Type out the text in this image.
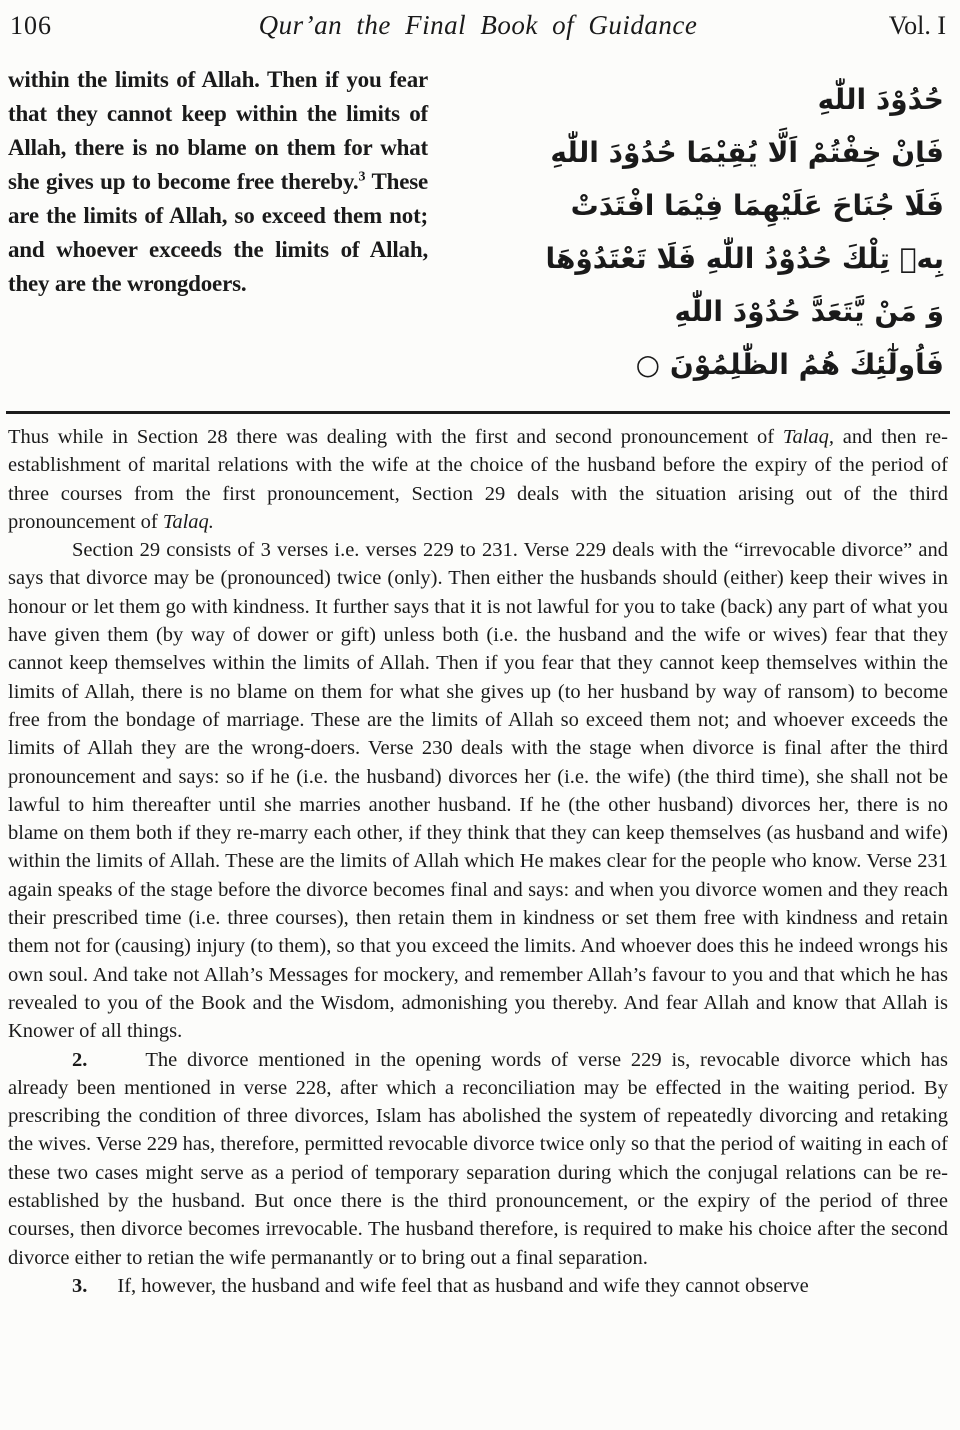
106	Qur’an the Final Book of Guidance	Vol. I

within the limits of Allah. Then if you fear that they cannot keep within the limits of Allah, there is no blame on them for what she gives up to become free thereby.$^3$ These are the limits of Allah, so exceed them not; and whoever exceeds the limits of Allah, they are the wrongdoers.

حُدُوْدَ اللّٰهِ
فَاِنْ خِفْتُمْ اَلَّا يُقِيْمَا حُدُوْدَ اللّٰهِ
فَلَا جُنَاحَ عَلَيْهِمَا فِيْمَا افْتَدَتْ
بِهٖ تِلْكَ حُدُوْدُ اللّٰهِ فَلَا تَعْتَدُوْهَا
وَ مَنْ يَّتَعَدَّ حُدُوْدَ اللّٰهِ
فَاُولٰٓئِكَ هُمُ الظّٰلِمُوْنَ ○

Thus while in Section 28 there was dealing with the first and second pronouncement of Talaq, and then re-establishment of marital relations with the wife at the choice of the husband before the expiry of the period of three courses from the first pronouncement, Section 29 deals with the situation arising out of the third pronouncement of Talaq.

Section 29 consists of 3 verses i.e. verses 229 to 231. Verse 229 deals with the “irrevocable divorce” and says that divorce may be (pronounced) twice (only). Then either the husbands should (either) keep their wives in honour or let them go with kindness. It further says that it is not lawful for you to take (back) any part of what you have given them (by way of dower or gift) unless both (i.e. the husband and the wife or wives) fear that they cannot keep themselves within the limits of Allah. Then if you fear that they cannot keep themselves within the limits of Allah, there is no blame on them for what she gives up (to her husband by way of ransom) to become free from the bondage of marriage. These are the limits of Allah so exceed them not; and whoever exceeds the limits of Allah they are the wrong-doers. Verse 230 deals with the stage when divorce is final after the third pronouncement and says: so if he (i.e. the husband) divorces her (i.e. the wife) (the third time), she shall not be lawful to him thereafter until she marries another husband. If he (the other husband) divorces her, there is no blame on them both if they re-marry each other, if they think that they can keep themselves (as husband and wife) within the limits of Allah. These are the limits of Allah which He makes clear for the people who know. Verse 231 again speaks of the stage before the divorce becomes final and says: and when you divorce women and they reach their prescribed time (i.e. three courses), then retain them in kindness or set them free with kindness and retain them not for (causing) injury (to them), so that you exceed the limits. And whoever does this he indeed wrongs his own soul. And take not Allah’s Messages for mockery, and remember Allah’s favour to you and that which he has revealed to you of the Book and the Wisdom, admonishing you thereby. And fear Allah and know that Allah is Knower of all things.

2.	The divorce mentioned in the opening words of verse 229 is, revocable divorce which has already been mentioned in verse 228, after which a reconciliation may be effected in the waiting period. By prescribing the condition of three divorces, Islam has abolished the system of repeatedly divorcing and retaking the wives. Verse 229 has, therefore, permitted revocable divorce twice only so that the period of waiting in each of these two cases might serve as a period of temporary separation during which the conjugal relations can be re-established by the husband. But once there is the third pronouncement, or the expiry of the period of three courses, then divorce becomes irrevocable. The husband therefore, is required to make his choice after the second divorce either to retian the wife permanantly or to bring out a final separation.

3. If, however, the husband and wife feel that as husband and wife they cannot observe
